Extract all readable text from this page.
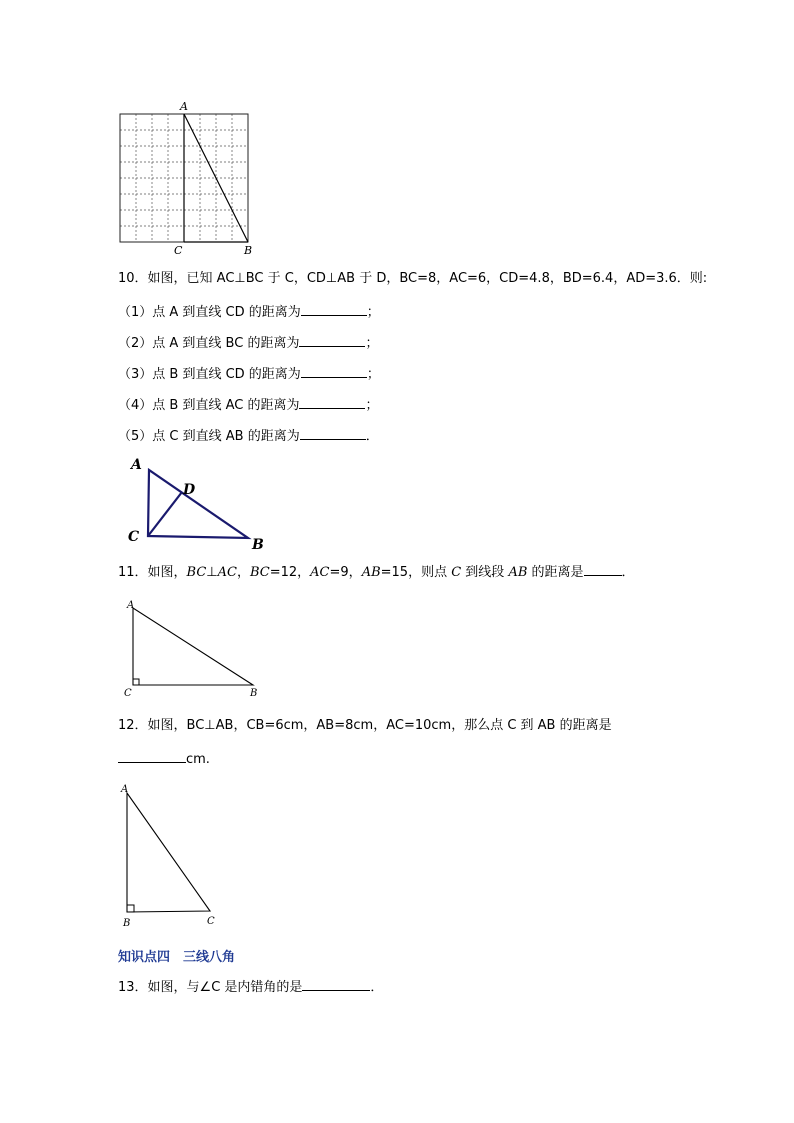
A
C	B
10．如图，已知 AC⊥BC 于 C，CD⊥AB 于 D，BC=8，AC=6，CD=4.8，BD=6.4，AD=3.6．则:
（1）点 A 到直线 CD 的距离为	；
（2）点 A 到直线 BC 的距离为	；
（3）点 B 到直线 CD 的距离为	；
（4）点 B 到直线 AC 的距离为	；
（5）点 C 到直线 AB 的距离为	．
A
D
C	B
11．如图，BC⊥AC，BC=12，AC=9，AB=15，则点 C 到线段 AB 的距离是	．
A
C	B
12．如图，BC⊥AB，CB=6cm，AB=8cm，AC=10cm，那么点 C 到 AB 的距离是
cm.
A
B	C
知识点四　三线八角
13．如图，与∠C 是内错角的是	．
